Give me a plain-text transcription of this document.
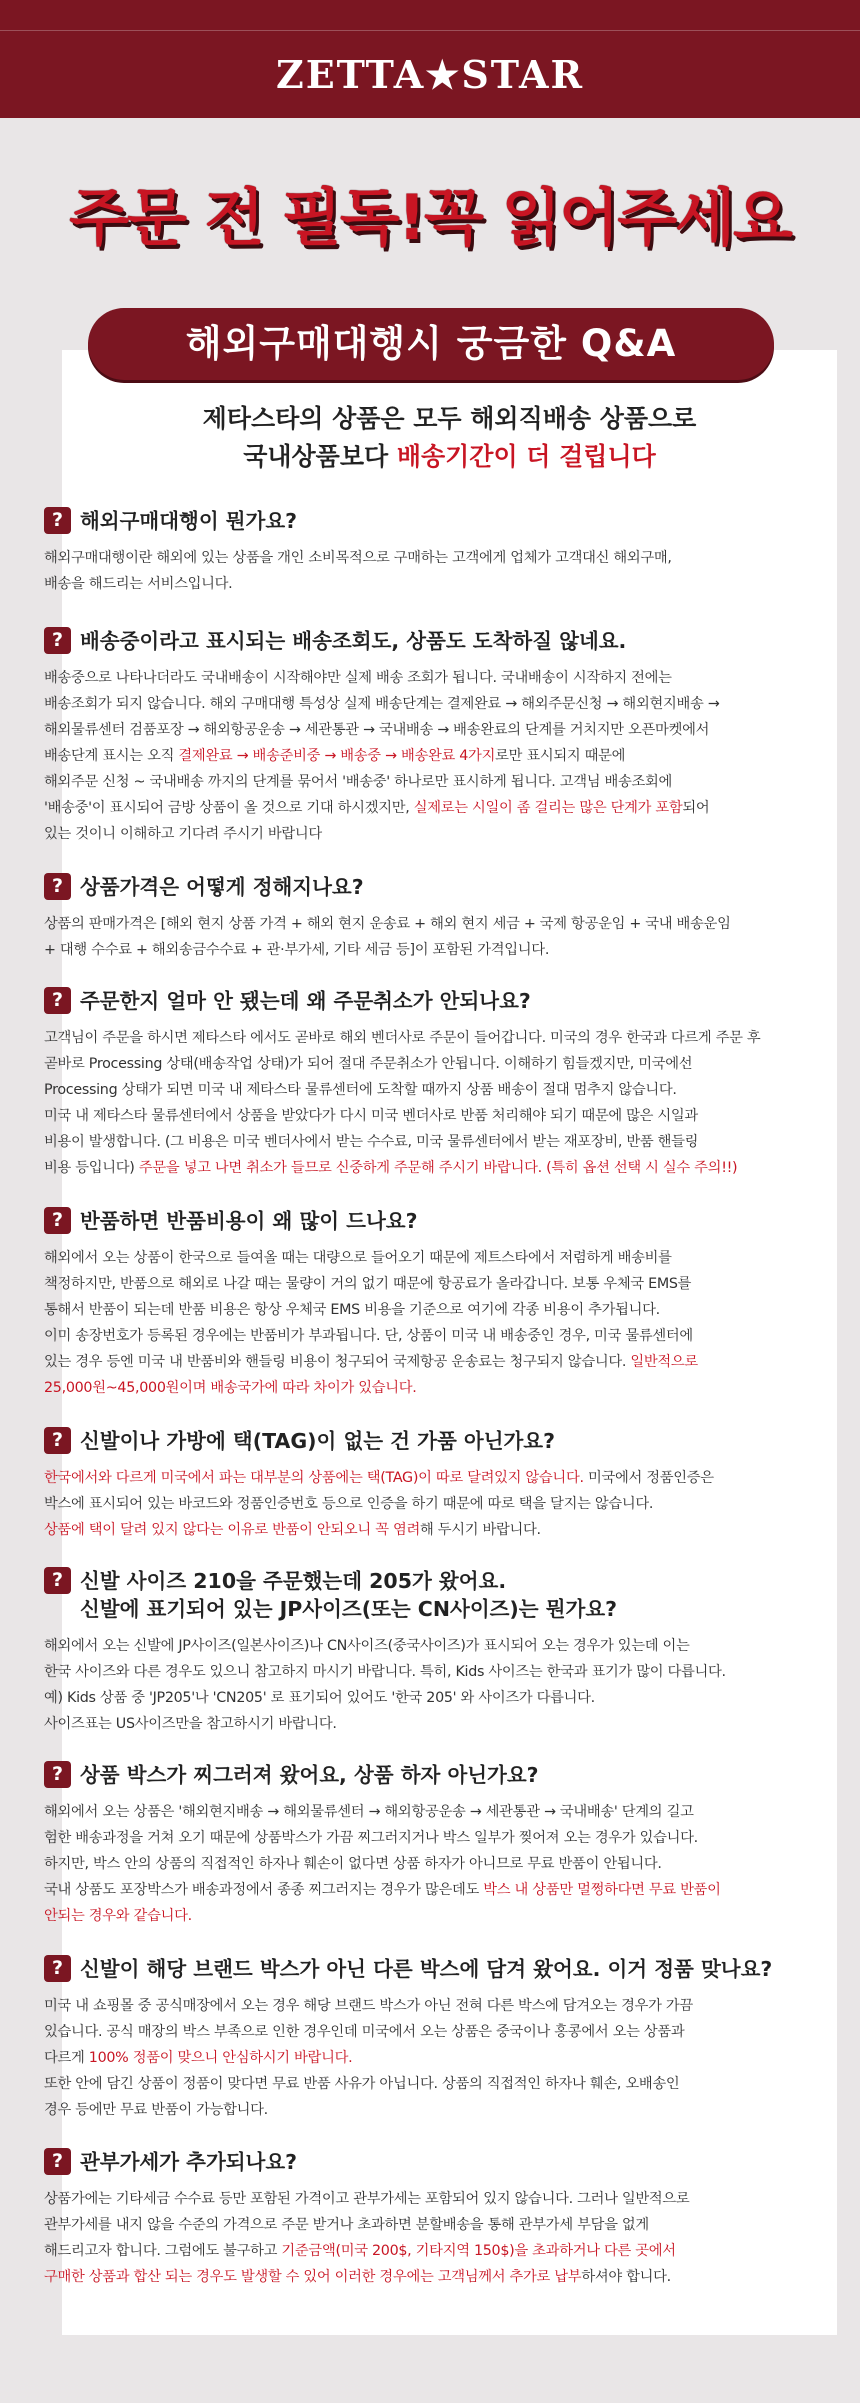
ZETTA★STAR
주문 전 필독!꼭 읽어주세요
해외구매대행시 궁금한 Q&A
제타스타의 상품은 모두 해외직배송 상품으로
국내상품보다 배송기간이 더 걸립니다
? 해외구매대행이 뭔가요?
해외구매대행이란 해외에 있는 상품을 개인 소비목적으로 구매하는 고객에게 업체가 고객대신 해외구매,
배송을 해드리는 서비스입니다.
? 배송중이라고 표시되는 배송조회도, 상품도 도착하질 않네요.
배송중으로 나타나더라도 국내배송이 시작해야만 실제 배송 조회가 됩니다. 국내배송이 시작하지 전에는
배송조회가 되지 않습니다. 해외 구매대행 특성상 실제 배송단계는 결제완료 → 해외주문신청 → 해외현지배송 →
해외물류센터 검품포장 → 해외항공운송 → 세관통관 → 국내배송 → 배송완료의 단계를 거치지만 오픈마켓에서
배송단계 표시는 오직 결제완료 → 배송준비중 → 배송중 → 배송완료 4가지로만 표시되지 때문에
해외주문 신청 ~ 국내배송 까지의 단계를 묶어서 '배송중' 하나로만 표시하게 됩니다. 고객님 배송조회에
'배송중'이 표시되어 금방 상품이 올 것으로 기대 하시겠지만, 실제로는 시일이 좀 걸리는 많은 단계가 포함되어
있는 것이니 이해하고 기다려 주시기 바랍니다
? 상품가격은 어떻게 정해지나요?
상품의 판매가격은 [해외 현지 상품 가격 + 해외 현지 운송료 + 해외 현지 세금 + 국제 항공운임 + 국내 배송운임
+ 대행 수수료 + 해외송금수수료 + 관·부가세, 기타 세금 등]이 포함된 가격입니다.
? 주문한지 얼마 안 됐는데 왜 주문취소가 안되나요?
고객님이 주문을 하시면 제타스타 에서도 곧바로 해외 벤더사로 주문이 들어갑니다. 미국의 경우 한국과 다르게 주문 후
곧바로 Processing 상태(배송작업 상태)가 되어 절대 주문취소가 안됩니다. 이해하기 힘들겠지만, 미국에선
Processing 상태가 되면 미국 내 제타스타 물류센터에 도착할 때까지 상품 배송이 절대 멈추지 않습니다.
미국 내 제타스타 물류센터에서 상품을 받았다가 다시 미국 벤더사로 반품 처리해야 되기 때문에 많은 시일과
비용이 발생합니다. (그 비용은 미국 벤더사에서 받는 수수료, 미국 물류센터에서 받는 재포장비, 반품 핸들링
비용 등입니다) 주문을 넣고 나면 취소가 들므로 신중하게 주문해 주시기 바랍니다. (특히 옵션 선택 시 실수 주의!!)
? 반품하면 반품비용이 왜 많이 드나요?
해외에서 오는 상품이 한국으로 들여올 때는 대량으로 들어오기 때문에 제트스타에서 저렴하게 배송비를
책정하지만, 반품으로 해외로 나갈 때는 물량이 거의 없기 때문에 항공료가 올라갑니다. 보통 우체국 EMS를
통해서 반품이 되는데 반품 비용은 항상 우체국 EMS 비용을 기준으로 여기에 각종 비용이 추가됩니다.
이미 송장번호가 등록된 경우에는 반품비가 부과됩니다. 단, 상품이 미국 내 배송중인 경우, 미국 물류센터에
있는 경우 등엔 미국 내 반품비와 핸들링 비용이 청구되어 국제항공 운송료는 청구되지 않습니다. 일반적으로
25,000원~45,000원이며 배송국가에 따라 차이가 있습니다.
? 신발이나 가방에 택(TAG)이 없는 건 가품 아닌가요?
한국에서와 다르게 미국에서 파는 대부분의 상품에는 택(TAG)이 따로 달려있지 않습니다. 미국에서 정품인증은
박스에 표시되어 있는 바코드와 정품인증번호 등으로 인증을 하기 때문에 따로 택을 달지는 않습니다.
상품에 택이 달려 있지 않다는 이유로 반품이 안되오니 꼭 염려해 두시기 바랍니다.
? 신발 사이즈 210을 주문했는데 205가 왔어요.
신발에 표기되어 있는 JP사이즈(또는 CN사이즈)는 뭔가요?
해외에서 오는 신발에 JP사이즈(일본사이즈)나 CN사이즈(중국사이즈)가 표시되어 오는 경우가 있는데 이는
한국 사이즈와 다른 경우도 있으니 참고하지 마시기 바랍니다. 특히, Kids 사이즈는 한국과 표기가 많이 다릅니다.
예) Kids 상품 중 'JP205'나 'CN205' 로 표기되어 있어도 '한국 205' 와 사이즈가 다릅니다.
사이즈표는 US사이즈만을 참고하시기 바랍니다.
? 상품 박스가 찌그러져 왔어요, 상품 하자 아닌가요?
해외에서 오는 상품은 '해외현지배송 → 해외물류센터 → 해외항공운송 → 세관통관 → 국내배송' 단계의 길고
험한 배송과정을 거쳐 오기 때문에 상품박스가 가끔 찌그러지거나 박스 일부가 찢어져 오는 경우가 있습니다.
하지만, 박스 안의 상품의 직접적인 하자나 훼손이 없다면 상품 하자가 아니므로 무료 반품이 안됩니다.
국내 상품도 포장박스가 배송과정에서 종종 찌그러지는 경우가 많은데도 박스 내 상품만 멀쩡하다면 무료 반품이
안되는 경우와 같습니다.
? 신발이 해당 브랜드 박스가 아닌 다른 박스에 담겨 왔어요. 이거 정품 맞나요?
미국 내 쇼핑몰 중 공식매장에서 오는 경우 해당 브랜드 박스가 아닌 전혀 다른 박스에 담겨오는 경우가 가끔
있습니다. 공식 매장의 박스 부족으로 인한 경우인데 미국에서 오는 상품은 중국이나 홍콩에서 오는 상품과
다르게 100% 정품이 맞으니 안심하시기 바랍니다.
또한 안에 담긴 상품이 정품이 맞다면 무료 반품 사유가 아닙니다. 상품의 직접적인 하자나 훼손, 오배송인
경우 등에만 무료 반품이 가능합니다.
? 관부가세가 추가되나요?
상품가에는 기타세금 수수료 등만 포함된 가격이고 관부가세는 포함되어 있지 않습니다. 그러나 일반적으로
관부가세를 내지 않을 수준의 가격으로 주문 받거나 초과하면 분할배송을 통해 관부가세 부담을 없게
해드리고자 합니다. 그럼에도 불구하고 기준금액(미국 200$, 기타지역 150$)을 초과하거나 다른 곳에서
구매한 상품과 합산 되는 경우도 발생할 수 있어 이러한 경우에는 고객님께서 추가로 납부하셔야 합니다.
